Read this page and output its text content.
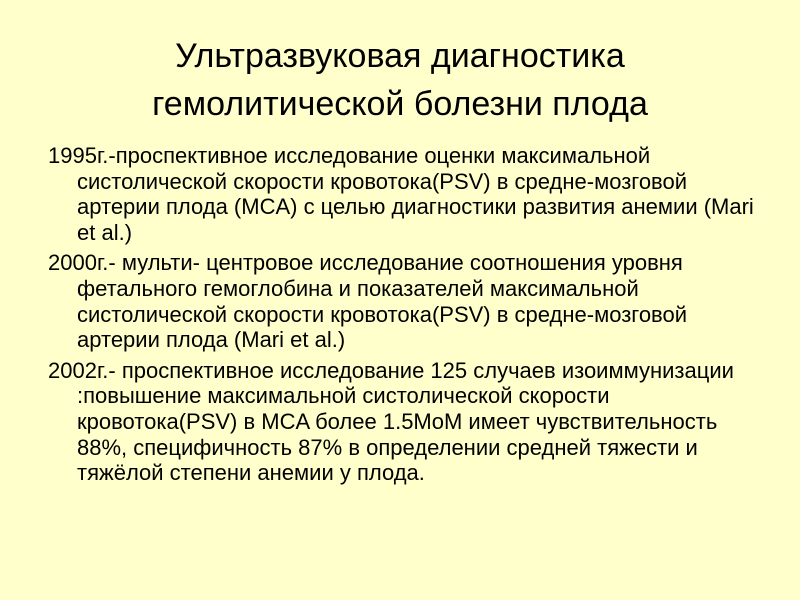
Ультразвуковая диагностика
гемолитической болезни плода

1995г.-проспективное исследование оценки максимальной систолической скорости кровотока(PSV) в средне-мозговой артерии плода (MCA) с целью диагностики развития анемии (Mari et al.)

2000г.- мульти- центровое исследование соотношения уровня фетального гемоглобина и показателей максимальной систолической скорости кровотока(PSV) в средне-мозговой артерии плода (Mari et al.)

2002г.- проспективное исследование 125 случаев изоиммунизации :повышение максимальной систолической скорости кровотока(PSV) в MCA более 1.5MoM имеет чувствительность 88%, специфичность 87% в определении средней тяжести и тяжёлой степени анемии у плода.
